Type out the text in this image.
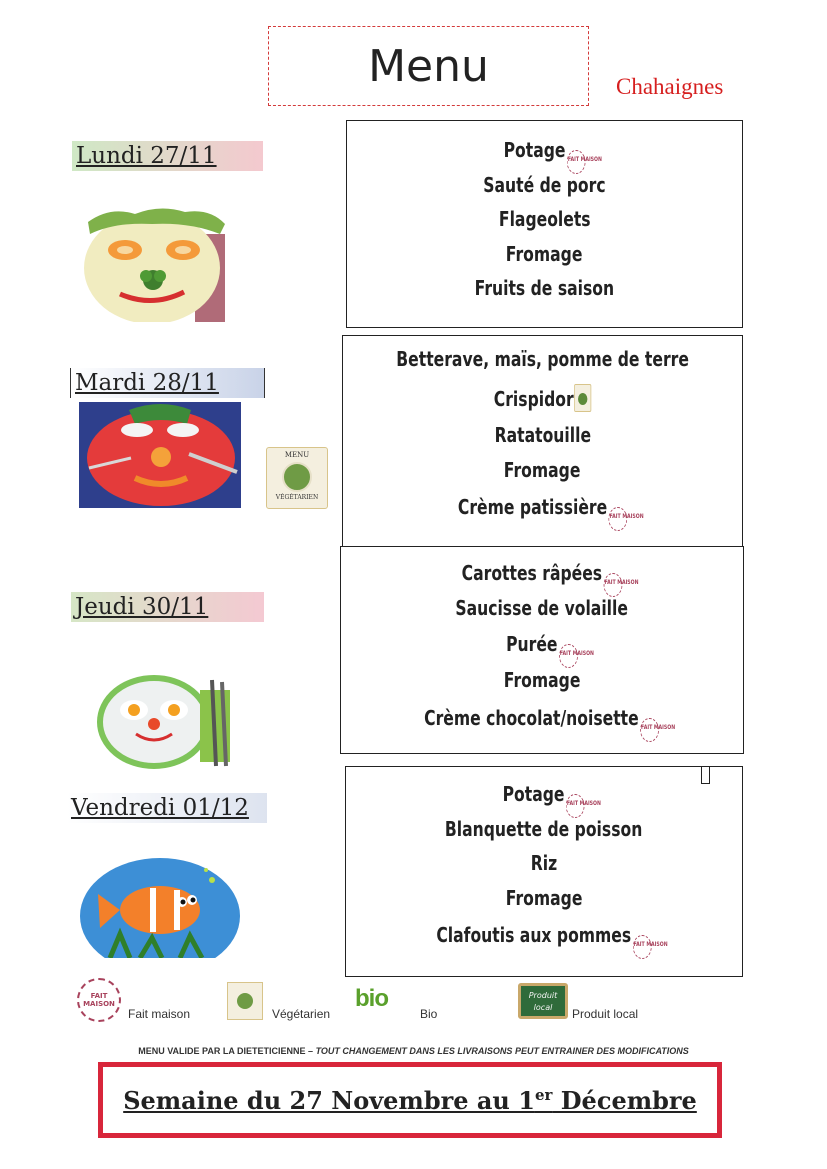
Menu	Chahaignes
Lundi 27/11
Mardi 28/11
Jeudi 30/11
Vendredi 01/12
MENU
VÉGÉTARIEN
Potage FAIT MAISON
Sauté de porc
Flageolets
Fromage
Fruits de saison
Betterave, maïs, pomme de terre
Crispidor
Ratatouille
Fromage
Crème patissière FAIT MAISON
Carottes râpées FAIT MAISON
Saucisse de volaille
Purée FAIT MAISON
Fromage
Crème chocolat/noisette FAIT MAISON
Potage FAIT MAISON
Blanquette de poisson
Riz
Fromage
Clafoutis aux pommes FAIT MAISON
FAIT MAISON
Fait maison	Végétarien
bio
Bio
Produit local	Produit local
MENU VALIDE PAR LA DIETETICIENNE – TOUT CHANGEMENT DANS LES LIVRAISONS PEUT ENTRAINER DES MODIFICATIONS
Semaine du 27 Novembre au 1er Décembre
